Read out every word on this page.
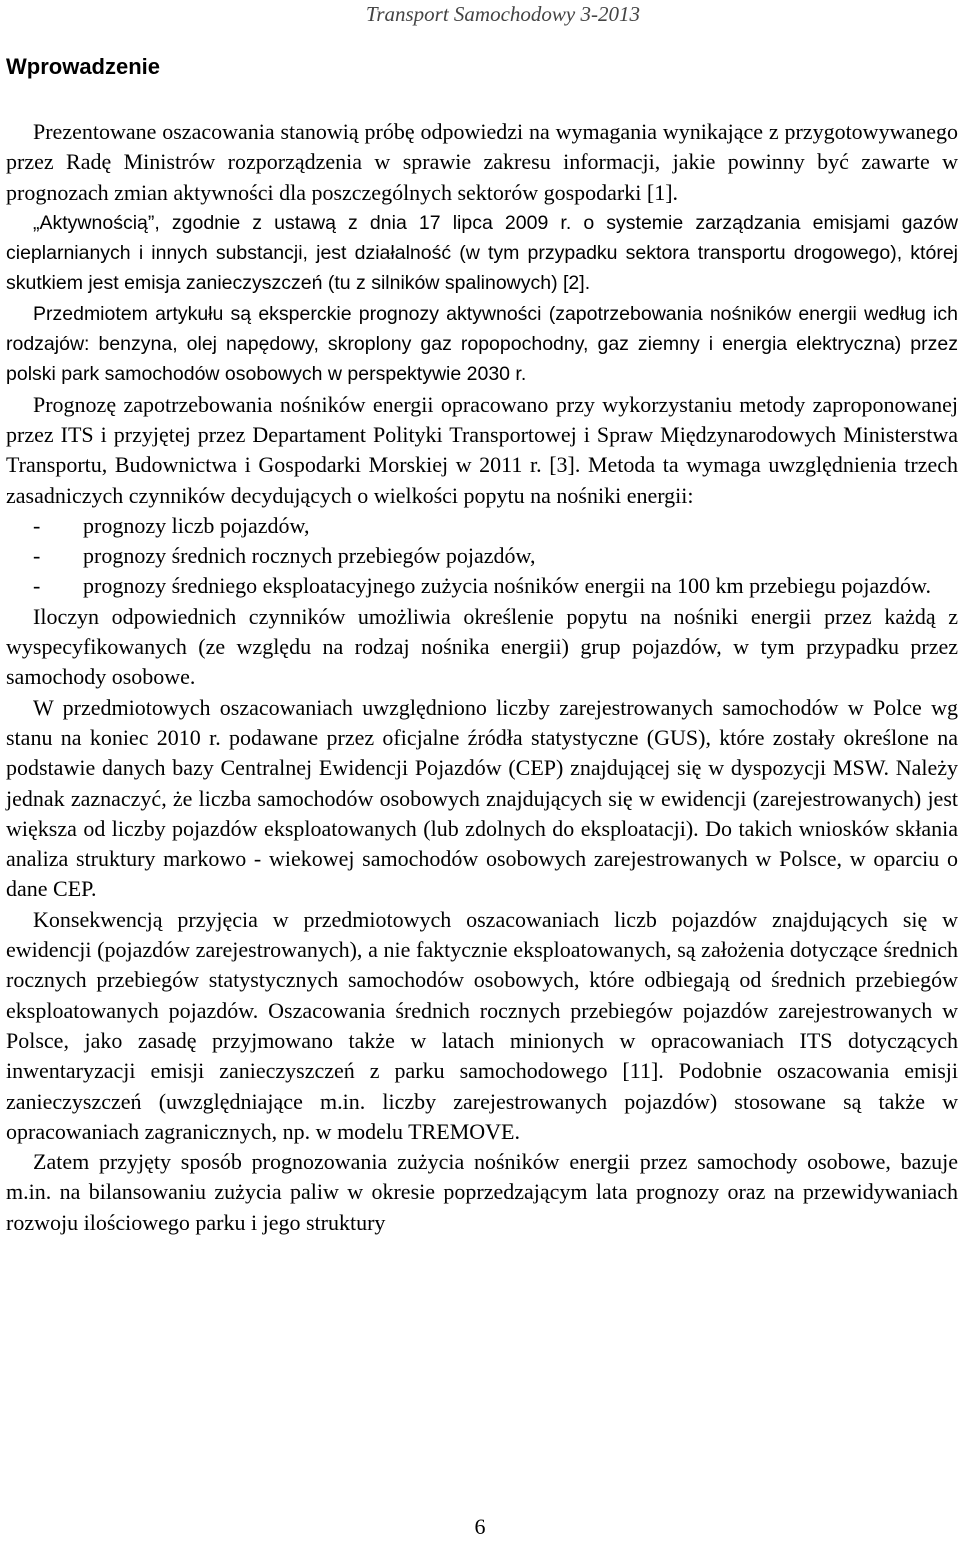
Transport Samochodowy 3-2013
Wprowadzenie

Prezentowane oszacowania stanowią próbę odpowiedzi na wymagania wynikające z przygotowywanego przez Radę Ministrów rozporządzenia w sprawie zakresu informacji, jakie powinny być zawarte w prognozach zmian aktywności dla poszczególnych sektorów gospodarki [1].

„Aktywnością”, zgodnie z ustawą z dnia 17 lipca 2009 r. o systemie zarządzania emisjami gazów cieplarnianych i innych substancji, jest działalność (w tym przypadku sektora transportu drogowego), której skutkiem jest emisja zanieczyszczeń (tu z silników spalinowych) [2].

Przedmiotem artykułu są eksperckie prognozy aktywności (zapotrzebowania nośników energii według ich rodzajów: benzyna, olej napędowy, skroplony gaz ropopochodny, gaz ziemny i energia elektryczna) przez polski park samochodów osobowych w perspektywie 2030 r.

Prognozę zapotrzebowania nośników energii opracowano przy wykorzystaniu metody zaproponowanej przez ITS i przyjętej przez Departament Polityki Transportowej i Spraw Międzynarodowych Ministerstwa Transportu, Budownictwa i Gospodarki Morskiej w 2011 r. [3]. Metoda ta wymaga uwzględnienia trzech zasadniczych czynników decydujących o wielkości popytu na nośniki energii:

- prognozy liczb pojazdów,
- prognozy średnich rocznych przebiegów pojazdów,
- prognozy średniego eksploatacyjnego zużycia nośników energii na 100 km przebiegu pojazdów.

Iloczyn odpowiednich czynników umożliwia określenie popytu na nośniki energii przez każdą z wyspecyfikowanych (ze względu na rodzaj nośnika energii) grup pojazdów, w tym przypadku przez samochody osobowe.

W przedmiotowych oszacowaniach uwzględniono liczby zarejestrowanych samochodów w Polce wg stanu na koniec 2010 r. podawane przez oficjalne źródła statystyczne (GUS), które zostały określone na podstawie danych bazy Centralnej Ewidencji Pojazdów (CEP) znajdującej się w dyspozycji MSW. Należy jednak zaznaczyć, że liczba samochodów osobowych znajdujących się w ewidencji (zarejestrowanych) jest większa od liczby pojazdów eksploatowanych (lub zdolnych do eksploatacji). Do takich wniosków skłania analiza struktury markowo - wiekowej samochodów osobowych zarejestrowanych w Polsce, w oparciu o dane CEP.

Konsekwencją przyjęcia w przedmiotowych oszacowaniach liczb pojazdów znajdujących się w ewidencji (pojazdów zarejestrowanych), a nie faktycznie eksploatowanych, są założenia dotyczące średnich rocznych przebiegów statystycznych samochodów osobowych, które odbiegają od średnich przebiegów eksploatowanych pojazdów. Oszacowania średnich rocznych przebiegów pojazdów zarejestrowanych w Polsce, jako zasadę przyjmowano także w latach minionych w opracowaniach ITS dotyczących inwentaryzacji emisji zanieczyszczeń z parku samochodowego [11]. Podobnie oszacowania emisji zanieczyszczeń (uwzględniające m.in. liczby zarejestrowanych pojazdów) stosowane są także w opracowaniach zagranicznych, np. w modelu TREMOVE.

Zatem przyjęty sposób prognozowania zużycia nośników energii przez samochody osobowe, bazuje m.in. na bilansowaniu zużycia paliw w okresie poprzedzającym lata prognozy oraz na przewidywaniach rozwoju ilościowego parku i jego struktury

6
